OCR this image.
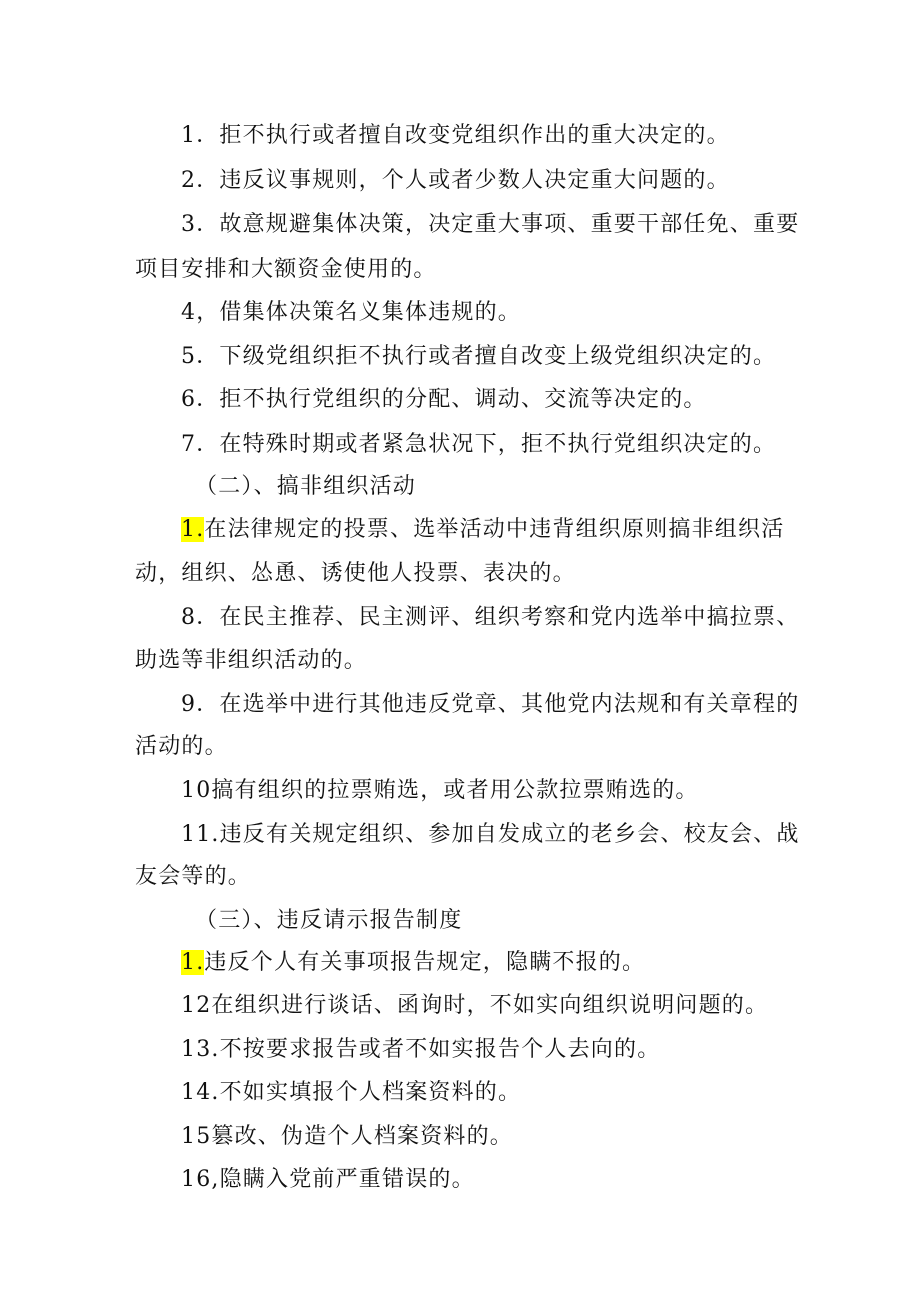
1．拒不执行或者擅自改变党组织作出的重大决定的。
2．违反议事规则，个人或者少数人决定重大问题的。
3．故意规避集体决策，决定重大事项、重要干部任免、重要
项目安排和大额资金使用的。
4，借集体决策名义集体违规的。
5．下级党组织拒不执行或者擅自改变上级党组织决定的。
6．拒不执行党组织的分配、调动、交流等决定的。
7．在特殊时期或者紧急状况下，拒不执行党组织决定的。
（二）、搞非组织活动
1.在法律规定的投票、选举活动中违背组织原则搞非组织活
动，组织、怂恿、诱使他人投票、表决的。
8．在民主推荐、民主测评、组织考察和党内选举中搞拉票、
助选等非组织活动的。
9．在选举中进行其他违反党章、其他党内法规和有关章程的
活动的。
10搞有组织的拉票贿选，或者用公款拉票贿选的。
11.违反有关规定组织、参加自发成立的老乡会、校友会、战
友会等的。
（三）、违反请示报告制度
1.违反个人有关事项报告规定，隐瞒不报的。
12在组织进行谈话、函询时，不如实向组织说明问题的。
13.不按要求报告或者不如实报告个人去向的。
14.不如实填报个人档案资料的。
15篡改、伪造个人档案资料的。
16,隐瞒入党前严重错误的。
